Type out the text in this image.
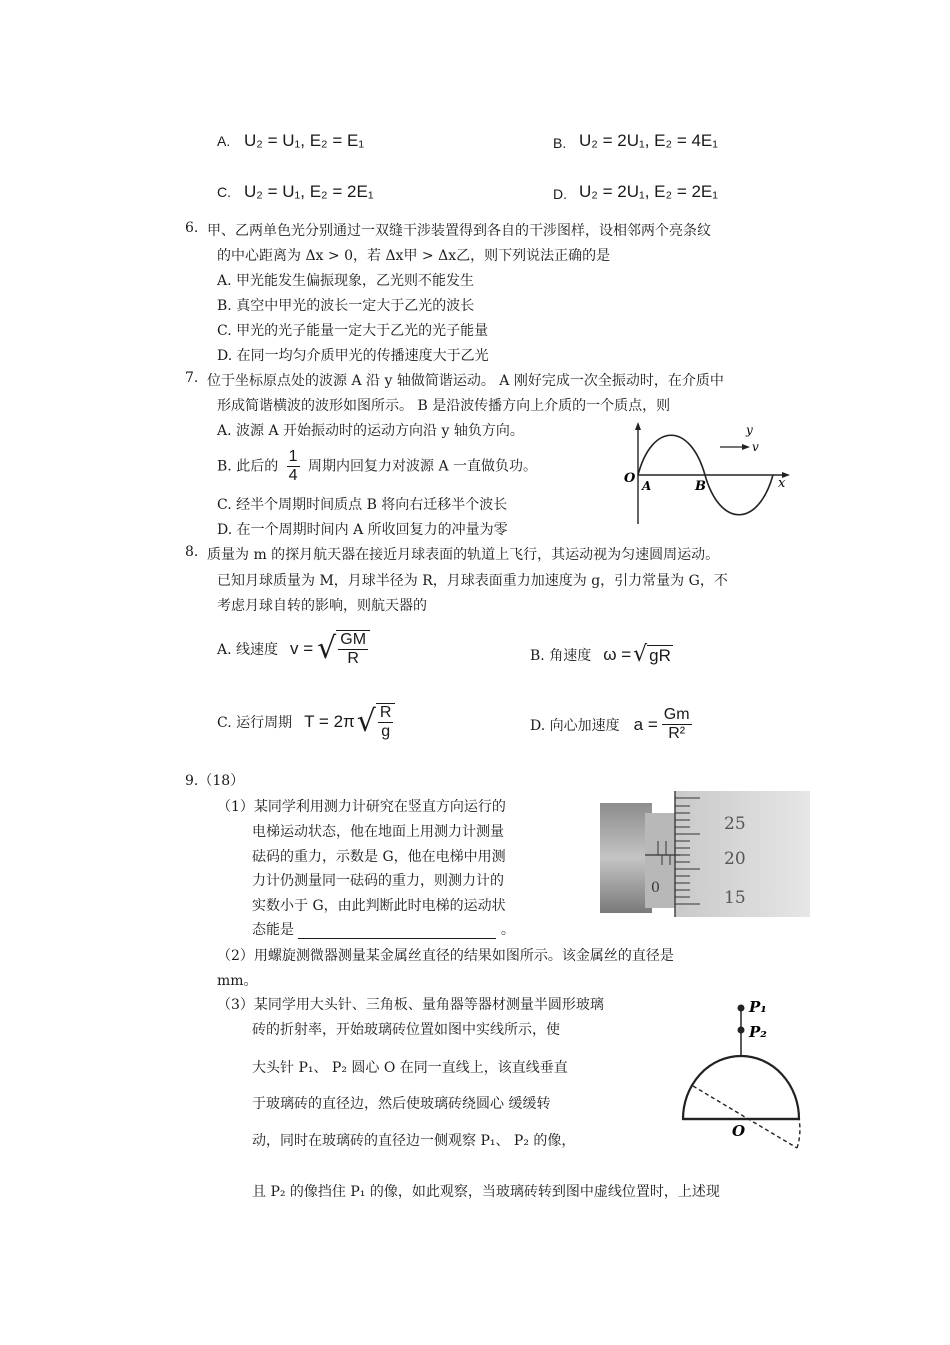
A. U₂ = U₁, E₂ = E₁	B. U₂ = 2U₁, E₂ = 4E₁
C. U₂ = U₁, E₂ = 2E₁	D. U₂ = 2U₁, E₂ = 2E₁
6. 甲、乙两单色光分别通过一双缝干涉装置得到各自的干涉图样，设相邻两个亮条纹
的中心距离为 Δx > 0，若 Δx甲 > Δx乙，则下列说法正确的是
A. 甲光能发生偏振现象，乙光则不能发生
B. 真空中甲光的波长一定大于乙光的波长
C. 甲光的光子能量一定大于乙光的光子能量
D. 在同一均匀介质甲光的传播速度大于乙光
7. 位于坐标原点处的波源 A 沿 y 轴做简谐运动。 A 刚好完成一次全振动时，在介质中
形成简谐横波的波形如图所示。 B 是沿波传播方向上介质的一个质点，则
A. 波源 A 开始振动时的运动方向沿 y 轴负方向。
B. 此后的 $\frac{1}{4}$ 周期内回复力对波源 A 一直做负功。
C. 经半个周期时间质点 B 将向右迁移半个波长
D. 在一个周期时间内 A 所收回复力的冲量为零
y
v
O A	B	x
8. 质量为 m 的探月航天器在接近月球表面的轨道上飞行，其运动视为匀速圆周运动。
已知月球质量为 M，月球半径为 R，月球表面重力加速度为 g，引力常量为 G，不
考虑月球自转的影响，则航天器的
A. 线速度 v = √ $\frac{GM}{R}$	B. 角速度 ω = √ gR
C. 运行周期 T = 2π √ $\frac{R}{g}$	D. 向心加速度 $a = \frac{Gm}{\text{R²}}$
9.（18）
（1）某同学利用测力计研究在竖直方向运行的
电梯运动状态，他在地面上用测力计测量
砝码的重力，示数是 G，他在电梯中用测
力计仍测量同一砝码的重力，则测力计的
实数小于 G，由此判断此时电梯的运动状
态能是	。
25
20
15
0
（2）用螺旋测微器测量某金属丝直径的结果如图所示。该金属丝的直径是
mm。
（3）某同学用大头针、三角板、量角器等器材测量半圆形玻璃
砖的折射率，开始玻璃砖位置如图中实线所示，使
大头针 P₁、 P₂ 圆心 O 在同一直线上，该直线垂直
于玻璃砖的直径边，然后使玻璃砖绕圆心 缓缓转
动，同时在玻璃砖的直径边一侧观察 P₁、 P₂ 的像，
且 P₂ 的像挡住 P₁ 的像，如此观察，当玻璃砖转到图中虚线位置时，上述现
P₁
P₂
O
